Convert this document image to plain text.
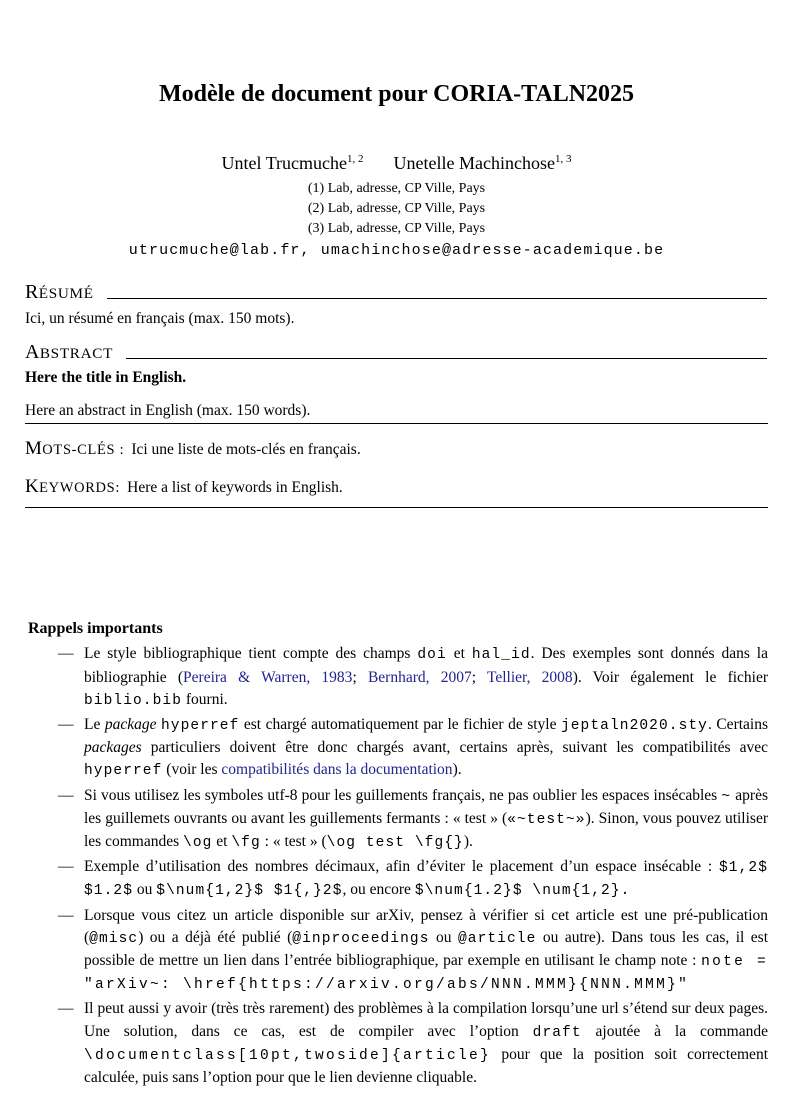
Modèle de document pour CORIA-TALN2025
Untel Trucmuche$^{1, 2}$ Unetelle Machinchose$^{1, 3}$
(1) Lab, adresse, CP Ville, Pays
(2) Lab, adresse, CP Ville, Pays
(3) Lab, adresse, CP Ville, Pays
utrucmuche@lab.fr, umachinchose@adresse-academique.be
RÉSUMÉ

Ici, un résumé en français (max. 150 mots).

ABSTRACT

Here the title in English.

Here an abstract in English (max. 150 words).

MOTS-CLÉS : Ici une liste de mots-clés en français.

KEYWORDS: Here a list of keywords in English.

Rappels importants
— Le style bibliographique tient compte des champs doi et hal_id. Des exemples sont donnés dans la bibliographie (Pereira & Warren, 1983; Bernhard, 2007; Tellier, 2008). Voir également le fichier biblio.bib fourni.
— Le package hyperref est chargé automatiquement par le fichier de style jeptaln2020.sty. Certains packages particuliers doivent être donc chargés avant, certains après, suivant les compatibilités avec hyperref (voir les compatibilités dans la documentation).
— Si vous utilisez les symboles utf-8 pour les guillements français, ne pas oublier les espaces insécables ~ après les guillemets ouvrants ou avant les guillements fermants : « test » («~test~»). Sinon, vous pouvez utiliser les commandes \og et \fg : « test » (\og test \fg{}).
— Exemple d’utilisation des nombres décimaux, afin d’éviter le placement d’un espace insécable : $1,2$ $1.2$ ou $\num{1,2}$ $1{,}2$, ou encore $\num{1.2}$ \num{1,2}.
— Lorsque vous citez un article disponible sur arXiv, pensez à vérifier si cet article est une pré-publication (@misc) ou a déjà été publié (@inproceedings ou @article ou autre). Dans tous les cas, il est possible de mettre un lien dans l’entrée bibliographique, par exemple en utilisant le champ note : note = "arXiv~: \href{https://arxiv.org/abs/NNN.MMM}{NNN.MMM}"
— Il peut aussi y avoir (très très rarement) des problèmes à la compilation lorsqu’une url s’étend sur deux pages. Une solution, dans ce cas, est de compiler avec l’option draft ajoutée à la commande \documentclass[10pt,twoside]{article} pour que la position soit correctement calculée, puis sans l’option pour que le lien devienne cliquable.
